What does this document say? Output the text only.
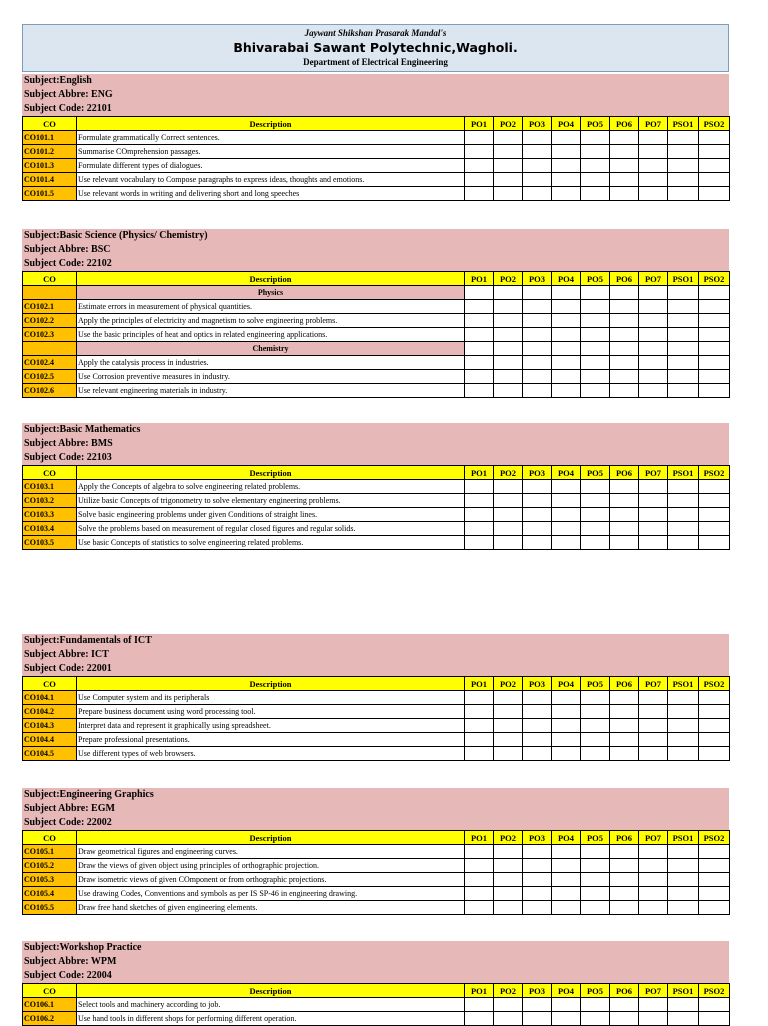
Jaywant Shikshan Prasarak Mandal's
Bhivarabai Sawant Polytechnic,Wagholi.
Department of Electrical Engineering
Subject:English
Subject Abbre: ENG
Subject Code: 22101
CO	Description	PO1	PO2	PO3	PO4	PO5	PO6	PO7	PSO1	PSO2
CO101.1	Formulate grammatically Correct sentences.									
CO101.2	Summarise COmprehension passages.									
CO101.3	Formulate different types of dialogues.									
CO101.4	Use relevant vocabulary to Compose paragraphs to express ideas, thoughts and emotions.									
CO101.5	Use relevant words in writing and delivering short and long speeches									
Subject:Basic Science (Physics/ Chemistry)
Subject Abbre: BSC
Subject Code: 22102
CO	Description	PO1	PO2	PO3	PO4	PO5	PO6	PO7	PSO1	PSO2
	Physics									
CO102.1	Estimate errors in measurement of physical quantities.									
CO102.2	Apply the principles of electricity and magnetism to solve engineering problems.									
CO102.3	Use the basic principles of heat and optics in related engineering applications.									
	Chemistry									
CO102.4	Apply the catalysis process in industries.									
CO102.5	Use Corrosion preventive measures in industry.									
CO102.6	Use relevant engineering materials in industry.									
Subject:Basic Mathematics
Subject Abbre: BMS
Subject Code: 22103
CO	Description	PO1	PO2	PO3	PO4	PO5	PO6	PO7	PSO1	PSO2
CO103.1	Apply the Concepts of algebra to solve engineering related problems.									
CO103.2	Utilize basic Concepts of trigonometry to solve elementary engineering problems.									
CO103.3	Solve basic engineering problems under given Conditions of straight lines.									
CO103.4	Solve the problems based on measurement of regular closed figures and regular solids.									
CO103.5	Use basic Concepts of statistics to solve engineering related problems.									
Subject:Fundamentals of ICT
Subject Abbre: ICT
Subject Code: 22001
CO	Description	PO1	PO2	PO3	PO4	PO5	PO6	PO7	PSO1	PSO2
CO104.1	Use Computer system and its peripherals									
CO104.2	Prepare business document using word processing tool.									
CO104.3	Interpret data and represent it graphically using spreadsheet.									
CO104.4	Prepare professional presentations.									
CO104.5	Use different types of web browsers.									
Subject:Engineering Graphics
Subject Abbre: EGM
Subject Code: 22002
CO	Description	PO1	PO2	PO3	PO4	PO5	PO6	PO7	PSO1	PSO2
CO105.1	Draw geometrical figures and engineering curves.									
CO105.2	Draw the views of given object using principles of orthographic projection.									
CO105.3	Draw isometric views of given COmponent or from orthographic projections.									
CO105.4	Use drawing Codes, Conventions and symbols as per IS SP-46 in engineering drawing.									
CO105.5	Draw free hand sketches of given engineering elements.									
Subject:Workshop Practice
Subject Abbre: WPM
Subject Code: 22004
CO	Description	PO1	PO2	PO3	PO4	PO5	PO6	PO7	PSO1	PSO2
CO106.1	Select tools and machinery according to job.									
CO106.2	Use hand tools in different shops for performing different operation.									
